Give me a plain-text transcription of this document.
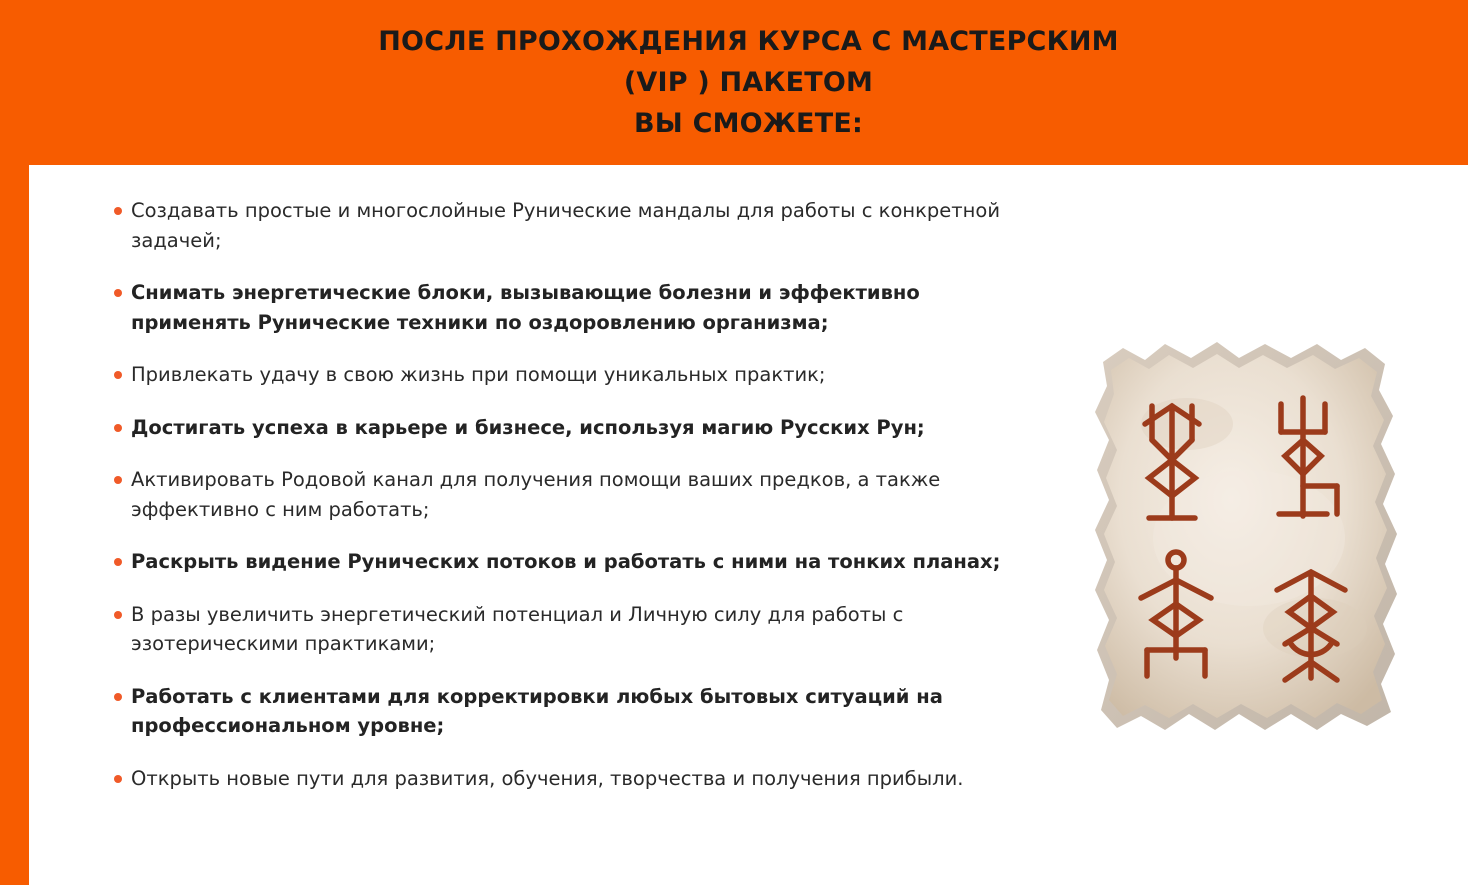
ПОСЛЕ ПРОХОЖДЕНИЯ КУРСА С МАСТЕРСКИМ
(VIP ) ПАКЕТОМ
ВЫ СМОЖЕТЕ:
Создавать простые и многослойные Рунические мандалы для работы с конкретной задачей;
Снимать энергетические блоки, вызывающие болезни и эффективно применять Рунические техники по оздоровлению организма;
Привлекать удачу в свою жизнь при помощи уникальных практик;
Достигать успеха в карьере и бизнесе, используя магию Русских Рун;
Активировать Родовой канал для получения помощи ваших предков, а также эффективно с ним работать;
Раскрыть видение Рунических потоков и работать с ними на тонких планах;
В разы увеличить энергетический потенциал и Личную силу для работы с эзотерическими практиками;
Работать с клиентами для корректировки любых бытовых ситуаций на профессиональном уровне;
Открыть новые пути для развития, обучения, творчества и получения прибыли.
